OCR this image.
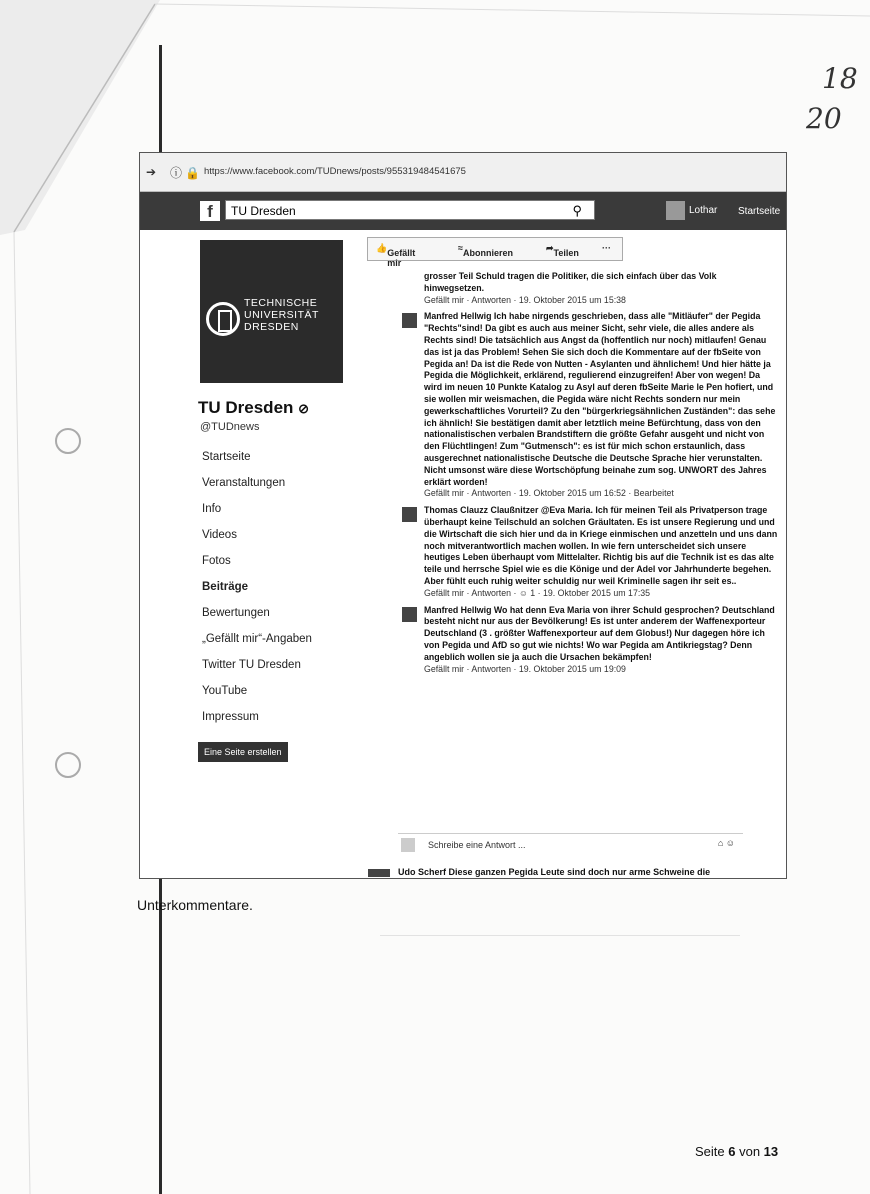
18
20
➔ ⓘ 🔒 https://www.facebook.com/TUDnews/posts/955319484541675
f	TU Dresden	⚲	Lothar Startseite
TECHNISCHE
UNIVERSITÄT
DRESDEN
TU Dresden ⊘
@TUDnews
Startseite
Veranstaltungen
Info
Videos
Fotos
Beiträge
Bewertungen
„Gefällt mir“-Angaben
Twitter TU Dresden
YouTube
Impressum
Eine Seite erstellen
👍 Gefällt mir
≈ Abonnieren	➦ Teilen	···
grosser Teil Schuld tragen die Politiker, die sich einfach über das Volk hinwegsetzen.
Gefällt mir · Antworten · 19. Oktober 2015 um 15:38
Manfred Hellwig Ich habe nirgends geschrieben, dass alle "Mitläufer" der Pegida "Rechts"sind! Da gibt es auch aus meiner Sicht, sehr viele, die alles andere als Rechts sind! Die tatsächlich aus Angst da (hoffentlich nur noch) mitlaufen! Genau das ist ja das Problem! Sehen Sie sich doch die Kommentare auf der fbSeite von Pegida an! Da ist die Rede von Nutten - Asylanten und ähnlichem! Und hier hätte ja Pegida die Möglichkeit, erklärend, regulierend einzugreifen! Aber von wegen! Da wird im neuen 10 Punkte Katalog zu Asyl auf deren fbSeite Marie le Pen hofiert, und sie wollen mir weismachen, die Pegida wäre nicht Rechts sondern nur mein gewerkschaftliches Vorurteil? Zu den "bürgerkriegsähnlichen Zuständen": das sehe ich ähnlich! Sie bestätigen damit aber letztlich meine Befürchtung, dass von den nationalistischen verbalen Brandstiftern die größte Gefahr ausgeht und nicht von den Flüchtlingen! Zum "Gutmensch": es ist für mich schon erstaunlich, dass ausgerechnet nationalistische Deutsche die Deutsche Sprache hier verunstalten. Nicht umsonst wäre diese Wortschöpfung beinahe zum sog. UNWORT des Jahres erklärt worden!
Gefällt mir · Antworten · 19. Oktober 2015 um 16:52 · Bearbeitet
Thomas Clauzz Claußnitzer @Eva Maria. Ich für meinen Teil als Privatperson trage überhaupt keine Teilschuld an solchen Gräultaten. Es ist unsere Regierung und und die Wirtschaft die sich hier und da in Kriege einmischen und anzetteln und uns dann noch mitverantwortlich machen wollen. In wie fern unterscheidet sich unsere heutiges Leben überhaupt vom Mittelalter. Richtig bis auf die Technik ist es das alte teile und herrsche Spiel wie es die Könige und der Adel vor Jahrhunderte begehen. Aber fühlt euch ruhig weiter schuldig nur weil Kriminelle sagen ihr seit es..
Gefällt mir · Antworten · ☺ 1 · 19. Oktober 2015 um 17:35
Manfred Hellwig Wo hat denn Eva Maria von ihrer Schuld gesprochen? Deutschland besteht nicht nur aus der Bevölkerung! Es ist unter anderem der Waffenexporteur Deutschland (3 . größter Waffenexporteur auf dem Globus!) Nur dagegen höre ich von Pegida und AfD so gut wie nichts! Wo war Pegida am Antikriegstag? Denn angeblich wollen sie ja auch die Ursachen bekämpfen!
Gefällt mir · Antworten · 19. Oktober 2015 um 19:09
Schreibe eine Antwort ...	⌂ ☺
Udo Scherf Diese ganzen Pegida Leute sind doch nur arme Schweine die
Unterkommentare.
Seite 6 von 13
